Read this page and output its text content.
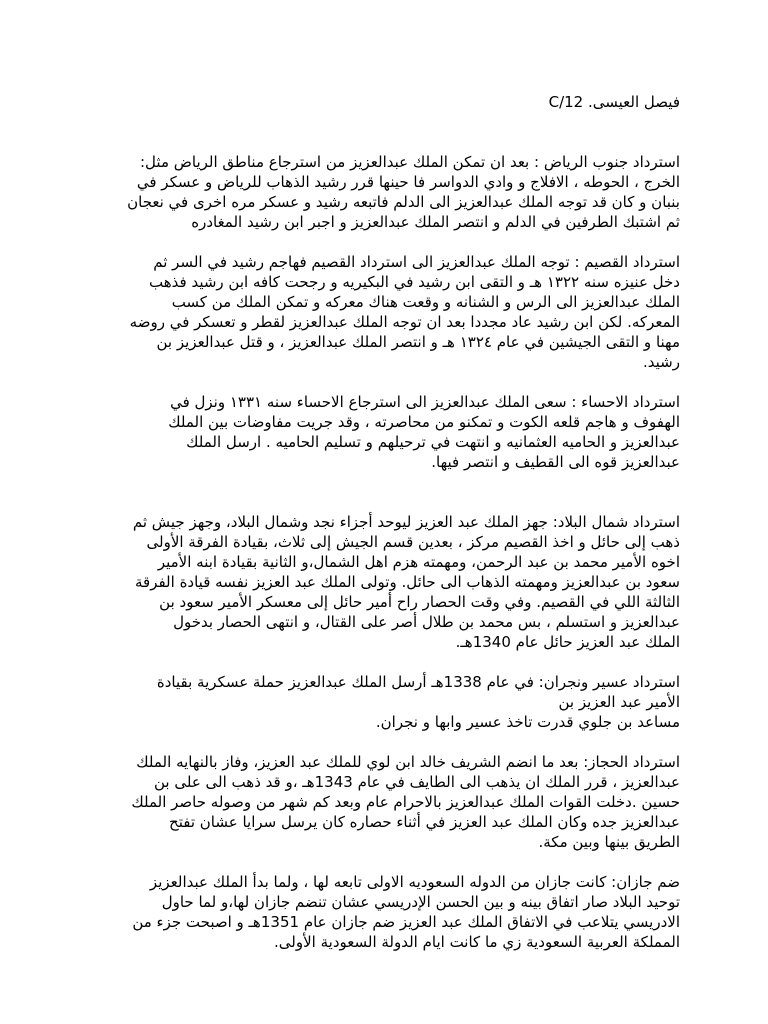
فيصل العيسى. C/12
استرداد جنوب الرياض : بعد ان تمكن الملك عبدالعزيز من استرجاع مناطق الرياض مثل:
الخرج ، الحوطه ، الافلاج و وادي الدواسر فا حينها قرر رشيد الذهاب للرياض و عسكر في
بنبان و كان قد توجه الملك عبدالعزيز الى الدلم فاتبعه رشيد و عسكر مره اخرى في نعجان
ثم اشتبك الطرفين في الدلم و انتصر الملك عبدالعزيز و اجبر ابن رشيد المغادره
استرداد القصيم : توجه الملك عبدالعزيز الى استرداد القصيم فهاجم رشيد في السر ثم
دخل عنيزه سنه ١٣٢٢ هـ و التقى ابن رشيد في البكيريه و رجحت كافه ابن رشيد فذهب
الملك عبدالعزيز الى الرس و الشنانه و وقعت هناك معركه و تمكن الملك من كسب
المعركه. لكن ابن رشيد عاد مجددا بعد ان توجه الملك عبدالعزيز لقطر و تعسكر في روضه
مهنا و التقى الجيشين في عام ١٣٢٤ هـ و انتصر الملك عبدالعزيز ، و قتل عبدالعزيز بن
رشيد.
استرداد الاحساء : سعى الملك عبدالعزيز الى استرجاع الاحساء سنه ١٣٣١ ونزل في
الهفوف و هاجم قلعه الكوت و تمكنو من محاصرته ، وقد جريت مفاوضات بين الملك
عبدالعزيز و الحاميه العثمانيه و انتهت في ترحيلهم و تسليم الحاميه . ارسل الملك
عبدالعزيز قوه الى القطيف و انتصر فيها.
استرداد شمال البلاد: جهز الملك عبد العزيز ليوحد أجزاء نجد وشمال البلاد، وجهز جيش ثم
ذهب إلى حائل و اخذ القصيم مركز ، بعدين قسم الجيش إلى ثلاث، بقيادة الفرقة الأولى
اخوه الأمير محمد بن عبد الرحمن، ومهمته هزم اهل الشمال،و الثانية بقيادة ابنه الأمير
سعود بن عبدالعزيز ومهمته الذهاب الى حائل. وتولى الملك عبد العزيز نفسه قيادة الفرقة
الثالثة اللي في القصيم. وفي وقت الحصار راح أمير حائل إلى معسكر الأمير سعود بن
عبدالعزيز و استسلم ، بس محمد بن طلال أصر على القتال، و انتهى الحصار بدخول
الملك عبد العزيز حائل عام 1340هـ.
استرداد عسير ونجران: في عام 1338هـ أرسل الملك عبدالعزيز حملة عسكرية بقيادة
الأمير عبد العزيز بن
مساعد بن جلوي قدرت تاخذ عسير وابها و نجران.
استرداد الحجاز: بعد ما انضم الشريف خالد ابن لوي للملك عبد العزيز، وفاز بالنهايه الملك
عبدالعزيز ، قرر الملك ان يذهب الى الطايف في عام 1343هـ ،و قد ذهب الى على بن
حسين .دخلت القوات الملك عبدالعزيز بالاحرام عام وبعد كم شهر من وصوله حاصر الملك
عبدالعزيز جده وكان الملك عبد العزيز في أثناء حصاره كان يرسل سرايا عشان تفتح
الطريق بينها وبين مكة.
ضم جازان: كانت جازان من الدوله السعوديه الاولى تابعه لها ، ولما بدأ الملك عبدالعزيز
توحيد البلاد صار اتفاق بينه و بين الحسن الإدريسي عشان تنضم جازان لها،و لما حاول
الادريسي يتلاعب في الاتفاق الملك عبد العزيز ضم جازان عام 1351هـ و اصبحت جزء من
المملكة العربية السعودية زي ما كانت ايام الدولة السعودية الأولى.
